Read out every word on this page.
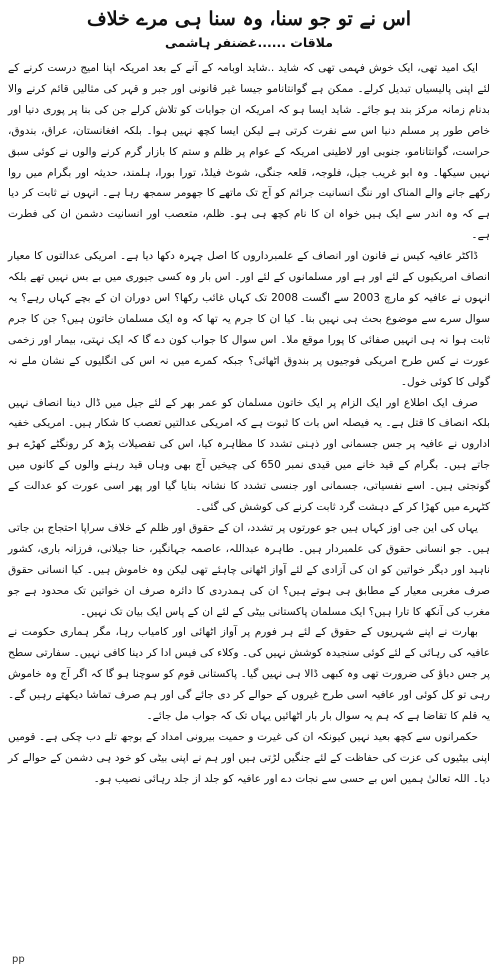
اس نے تو جو سنا، وہ سنا ہی مرے خلاف
ملاقات ......غضنفر ہاشمی

ایک امید تھی، ایک خوش فہمی تھی کہ شاید ..شاید اوبامہ کے آنے کے بعد امریکہ اپنا امیج درست کرنے کے لئے اپنی پالیسیاں تبدیل کرلے۔ ممکن ہے گوانتانامو جیسا غیر قانونی اور جبر و قہر کی مثالیں قائم کرنے والا بدنام زمانہ مرکز بند ہو جائے۔ شاید ایسا ہو کہ امریکہ ان جوابات کو تلاش کرلے جن کی بنا پر پوری دنیا اور خاص طور پر مسلم دنیا اس سے نفرت کرتی ہے لیکن ایسا کچھ نہیں ہوا۔ بلکہ افغانستان، عراق، بندوق، حراست، گوانتانامو، جنوبی اور لاطینی امریکہ کے عوام پر ظلم و ستم کا بازار گرم کرنے والوں نے کوئی سبق نہیں سیکھا۔ وہ ابو غریب جیل، فلوجہ، قلعہ جنگی، شوٹ فیلڈ، تورا بورا، ہلمند، حدیثہ اور بگرام میں روا رکھے جانے والے المناک اور ننگ انسانیت جرائم کو آج تک ماتھے کا جھومر سمجھ رہا ہے۔ انہوں نے ثابت کر دیا ہے کہ وہ اندر سے ایک ہیں خواہ ان کا نام کچھ ہی ہو۔ ظلم، متعصب اور انسانیت دشمن ان کی فطرت ہے۔

ڈاکٹر عافیہ کیس نے قانون اور انصاف کے علمبرداروں کا اصل چہرہ دکھا دیا ہے۔ امریکی عدالتوں کا معیار انصاف امریکیوں کے لئے اور ہے اور مسلمانوں کے لئے اور۔ اس بار وہ کسی جیوری میں بے بس نہیں تھے بلکہ انہوں نے عافیہ کو مارچ 2003 سے اگست 2008 تک کہاں غائب رکھا؟ اس دوران ان کے بچے کہاں رہے؟ یہ سوال سرے سے موضوع بحث ہی نہیں بنا۔ کیا ان کا جرم یہ تھا کہ وہ ایک مسلمان خاتون ہیں؟ جن کا جرم ثابت ہوا نہ ہی انہیں صفائی کا پورا موقع ملا۔ اس سوال کا جواب کون دے گا کہ ایک نہتی، بیمار اور زخمی عورت نے کس طرح امریکی فوجیوں پر بندوق اٹھائی؟ جبکہ کمرے میں نہ اس کی انگلیوں کے نشان ملے نہ گولی کا کوئی خول۔

صرف ایک اطلاع اور ایک الزام پر ایک خاتون مسلمان کو عمر بھر کے لئے جیل میں ڈال دینا انصاف نہیں بلکہ انصاف کا قتل ہے۔ یہ فیصلہ اس بات کا ثبوت ہے کہ امریکی عدالتیں تعصب کا شکار ہیں۔ امریکی خفیہ اداروں نے عافیہ پر جس جسمانی اور ذہنی تشدد کا مظاہرہ کیا، اس کی تفصیلات پڑھ کر رونگٹے کھڑے ہو جاتے ہیں۔ بگرام کے قید خانے میں قیدی نمبر 650 کی چیخیں آج بھی وہاں قید رہنے والوں کے کانوں میں گونجتی ہیں۔ اسے نفسیاتی، جسمانی اور جنسی تشدد کا نشانہ بنایا گیا اور پھر اسی عورت کو عدالت کے کٹہرے میں کھڑا کر کے دہشت گرد ثابت کرنے کی کوشش کی گئی۔

یہاں کی این جی اوز کہاں ہیں جو عورتوں پر تشدد، ان کے حقوق اور ظلم کے خلاف سراپا احتجاج بن جاتی ہیں۔ جو انسانی حقوق کی علمبردار ہیں۔ طاہرہ عبداللہ، عاصمہ جہانگیر، حنا جیلانی، فرزانہ باری، کشور ناہید اور دیگر خواتین کو ان کی آزادی کے لئے آواز اٹھانی چاہئے تھی لیکن وہ خاموش ہیں۔ کیا انسانی حقوق صرف مغربی معیار کے مطابق ہی ہوتے ہیں؟ ان کی ہمدردی کا دائرہ صرف ان خواتین تک محدود ہے جو مغرب کی آنکھ کا تارا ہیں؟ ایک مسلمان پاکستانی بیٹی کے لئے ان کے پاس ایک بیان تک نہیں۔

بھارت نے اپنے شہریوں کے حقوق کے لئے ہر فورم پر آواز اٹھائی اور کامیاب رہا، مگر ہماری حکومت نے عافیہ کی رہائی کے لئے کوئی سنجیدہ کوشش نہیں کی۔ وکلاء کی فیس ادا کر دینا کافی نہیں۔ سفارتی سطح پر جس دباؤ کی ضرورت تھی وہ کبھی ڈالا ہی نہیں گیا۔ پاکستانی قوم کو سوچنا ہو گا کہ اگر آج وہ خاموش رہی تو کل کوئی اور عافیہ اسی طرح غیروں کے حوالے کر دی جائے گی اور ہم صرف تماشا دیکھتے رہیں گے۔ یہ قلم کا تقاضا ہے کہ ہم یہ سوال بار بار اٹھائیں یہاں تک کہ جواب مل جائے۔

حکمرانوں سے کچھ بعید نہیں کیونکہ ان کی غیرت و حمیت بیرونی امداد کے بوجھ تلے دب چکی ہے۔ قومیں اپنی بیٹیوں کی عزت کی حفاظت کے لئے جنگیں لڑتی ہیں اور ہم نے اپنی بیٹی کو خود ہی دشمن کے حوالے کر دیا۔ اللہ تعالیٰ ہمیں اس بے حسی سے نجات دے اور عافیہ کو جلد از جلد رہائی نصیب ہو۔

pp
